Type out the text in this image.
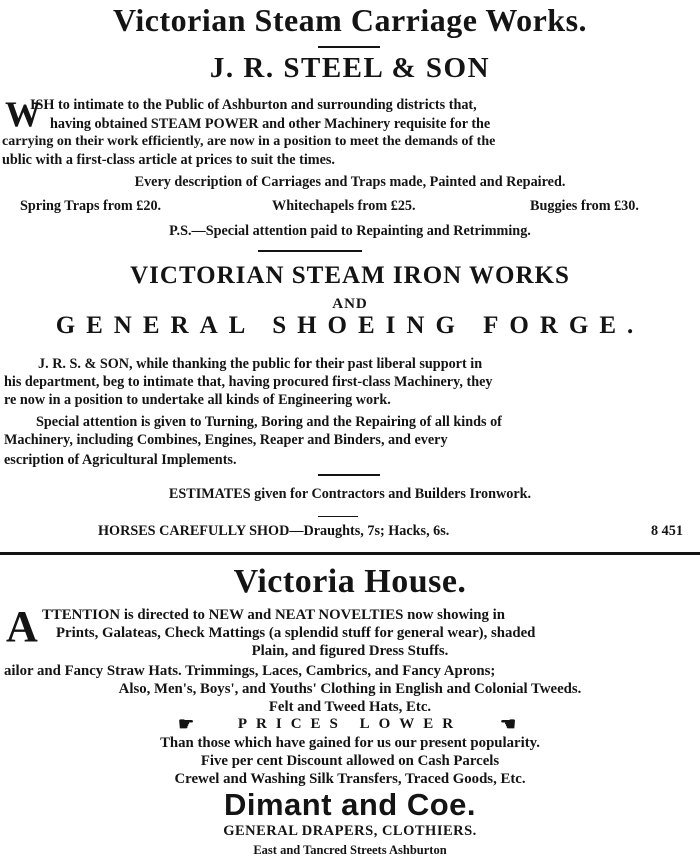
Victorian Steam Carriage Works.
J. R. STEEL & SON
W
ISH to intimate to the Public of Ashburton and surrounding districts that,
having obtained STEAM POWER and other Machinery requisite for the
carrying on their work efficiently, are now in a position to meet the demands of the
ublic with a first-class article at prices to suit the times.
Every description of Carriages and Traps made, Painted and Repaired.
Spring Traps from £20.	Whitechapels from £25.	Buggies from £30.
P.S.—Special attention paid to Repainting and Retrimming.
VICTORIAN STEAM IRON WORKS
AND
GENERAL SHOEING FORGE.
J. R. S. & SON, while thanking the public for their past liberal support in
his department, beg to intimate that, having procured first-class Machinery, they
re now in a position to undertake all kinds of Engineering work.
Special attention is given to Turning, Boring and the Repairing of all kinds of
Machinery, including Combines, Engines, Reaper and Binders, and every
escription of Agricultural Implements.
ESTIMATES given for Contractors and Builders Ironwork.
HORSES CAREFULLY SHOD—Draughts, 7s; Hacks, 6s.	8 451
Victoria House.
A TTENTION is directed to NEW and NEAT NOVELTIES now showing in
Prints, Galateas, Check Mattings (a splendid stuff for general wear), shaded
Plain, and figured Dress Stuffs.
ailor and Fancy Straw Hats. Trimmings, Laces, Cambrics, and Fancy Aprons;
Also, Men's, Boys', and Youths' Clothing in English and Colonial Tweeds.
Felt and Tweed Hats, Etc.
☛	PRICES LOWER	☚
Than those which have gained for us our present popularity.
Five per cent Discount allowed on Cash Parcels
Crewel and Washing Silk Transfers, Traced Goods, Etc.
Dimant and Coe.
GENERAL DRAPERS, CLOTHIERS.
East and Tancred Streets Ashburton
